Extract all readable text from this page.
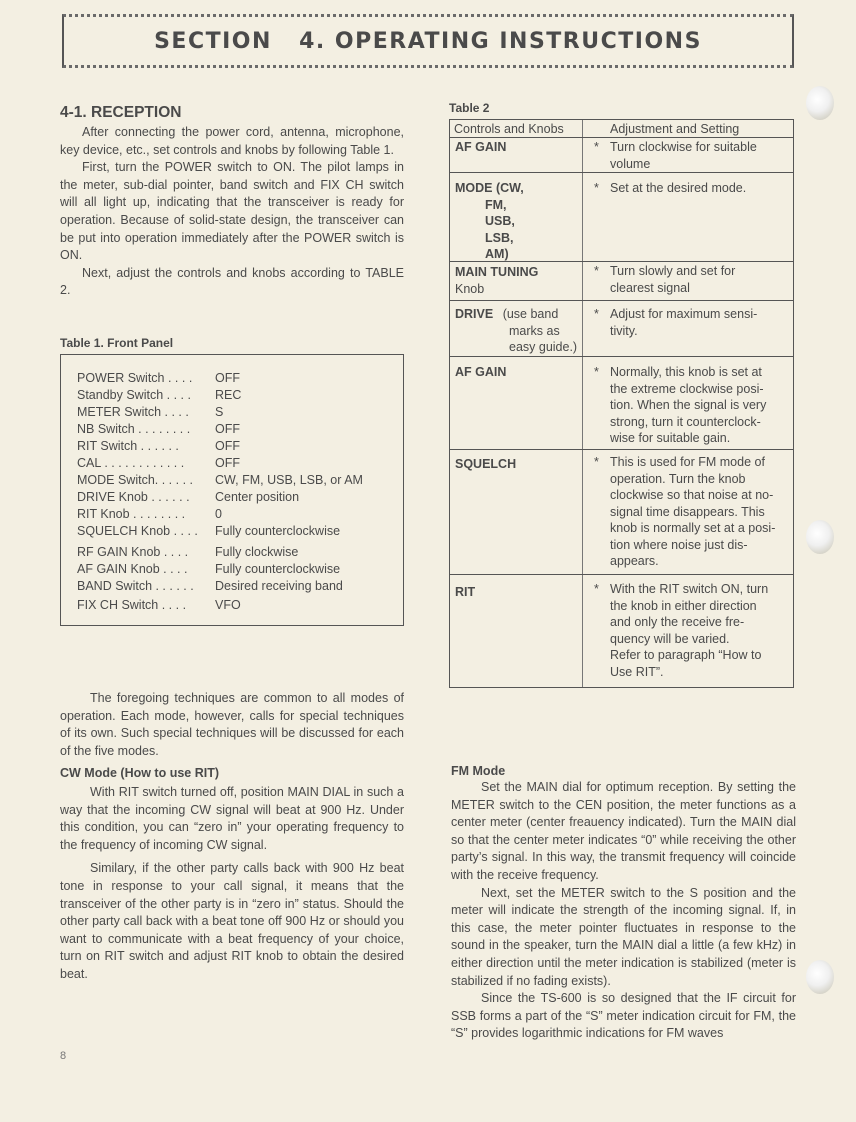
SECTION 4. OPERATING INSTRUCTIONS
4-1. RECEPTION
After connecting the power cord, antenna, microphone, key device, etc., set controls and knobs by following Table 1.
First, turn the POWER switch to ON. The pilot lamps in the meter, sub-dial pointer, band switch and FIX CH switch will all light up, indicating that the transceiver is ready for operation. Because of solid-state design, the transceiver can be put into operation immediately after the POWER switch is ON.
Next, adjust the controls and knobs according to TABLE 2.
Table 1. Front Panel
POWER Switch . . . . OFF
Standby Switch . . . . REC
METER Switch . . . . S
NB Switch . . . . . . . . OFF
RIT Switch . . . . . .	OFF
CAL . . . . . . . . . . . . OFF
MODE Switch. . . . . . CW, FM, USB, LSB, or AM
DRIVE Knob . . . . . . Center position
RIT Knob . . . . . . . . 0
SQUELCH Knob . . . . Fully counterclockwise
RF GAIN Knob . . . . Fully clockwise
AF GAIN Knob . . . . Fully counterclockwise
BAND Switch . . . . . . Desired receiving band
FIX CH Switch . . . . VFO
The foregoing techniques are common to all modes of operation. Each mode, however, calls for special techniques of its own. Such special techniques will be discussed for each of the five modes.
CW Mode (How to use RIT)
With RIT switch turned off, position MAIN DIAL in such a way that the incoming CW signal will beat at 900 Hz. Under this condition, you can “zero in” your operating frequency to the frequency of incoming CW signal.
Similary, if the other party calls back with 900 Hz beat tone in response to your call signal, it means that the transceiver of the other party is in “zero in” status. Should the other party call back with a beat tone off 900 Hz or should you want to communicate with a beat frequency of your choice, turn on RIT switch and adjust RIT knob to obtain the desired beat.
Table 2
Controls and Knobs	Adjustment and Setting
AF GAIN	* Turn clockwise for suitable
volume
MODE (CW,
FM,
USB,
LSB,
AM)
* Set at the desired mode.
MAIN TUNING
Knob
* Turn slowly and set for
clearest signal
DRIVE (use band
marks as
easy guide.)
* Adjust for maximum sensi-
tivity.
AF GAIN	* Normally, this knob is set at
the extreme clockwise posi-
tion. When the signal is very
strong, turn it counterclock-
wise for suitable gain.
SQUELCH	* This is used for FM mode of
operation. Turn the knob
clockwise so that noise at no-
signal time disappears. This
knob is normally set at a posi-
tion where noise just dis-
appears.
RIT	* With the RIT switch ON, turn
the knob in either direction
and only the receive fre-
quency will be varied.
Refer to paragraph “How to
Use RIT”.
FM Mode
Set the MAIN dial for optimum reception. By setting the METER switch to the CEN position, the meter functions as a center meter (center freauency indicated). Turn the MAIN dial so that the center meter indicates “0” while receiving the other party’s signal. In this way, the transmit frequency will coincide with the receive frequency.
Next, set the METER switch to the S position and the meter will indicate the strength of the incoming signal. If, in this case, the meter pointer fluctuates in response to the sound in the speaker, turn the MAIN dial a little (a few kHz) in either direction until the meter indication is stabilized (meter is stabilized if no fading exists).
Since the TS-600 is so designed that the IF circuit for SSB forms a part of the “S” meter indication circuit for FM, the “S” provides logarithmic indications for FM waves
8
